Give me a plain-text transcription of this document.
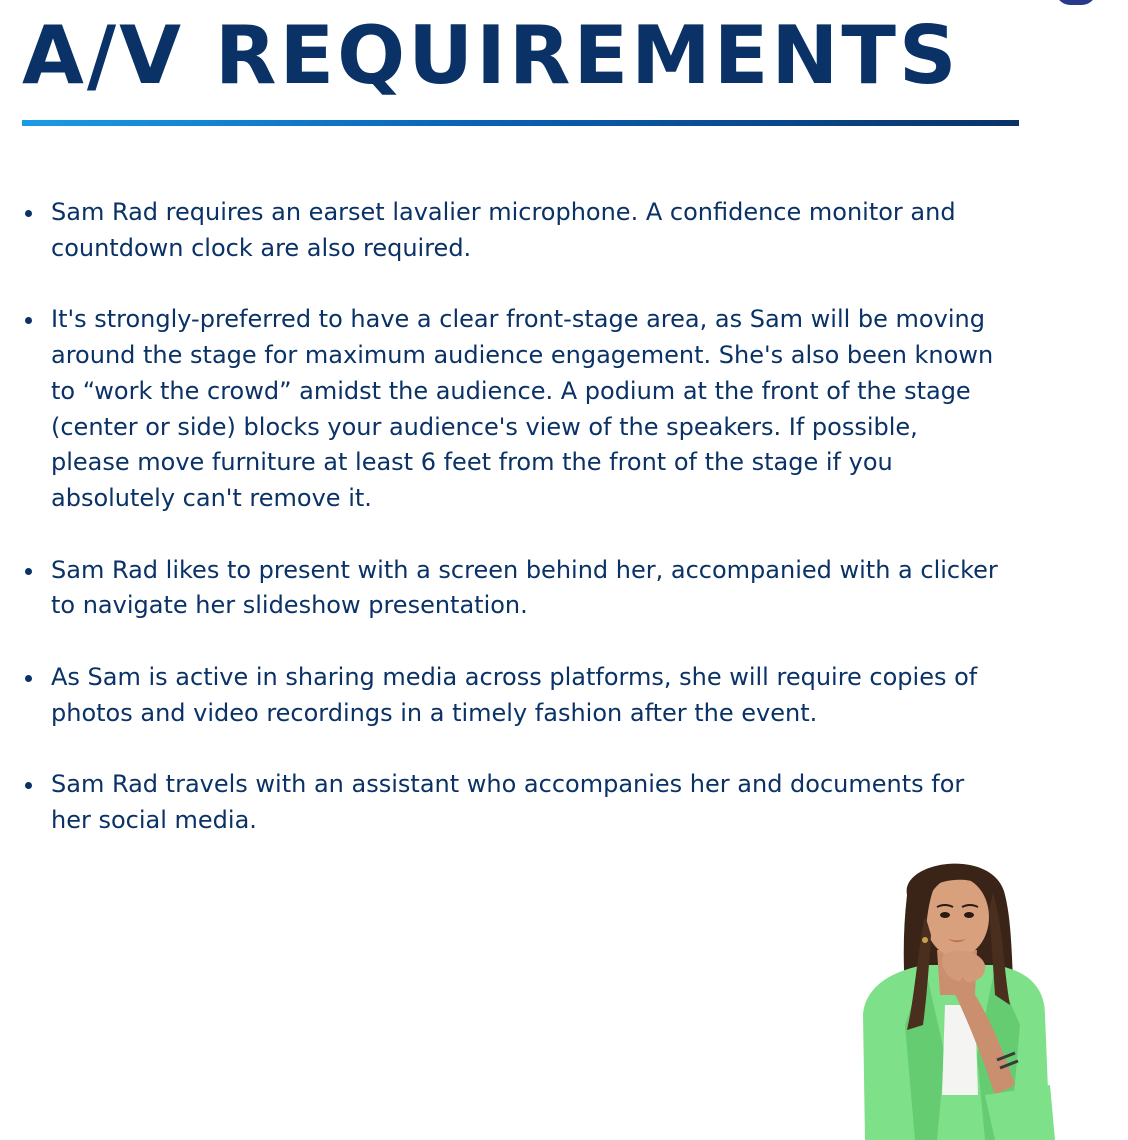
A/V REQUIREMENTS
Sam Rad requires an earset lavalier microphone. A confidence monitor and countdown clock are also required.
It's strongly-preferred to have a clear front-stage area, as Sam will be moving around the stage for maximum audience engagement. She's also been known to “work the crowd” amidst the audience. A podium at the front of the stage (center or side) blocks your audience's view of the speakers. If possible, please move furniture at least 6 feet from the front of the stage if you absolutely can't remove it.
Sam Rad likes to present with a screen behind her, accompanied with a clicker to navigate her slideshow presentation.
As Sam is active in sharing media across platforms, she will require copies of photos and video recordings in a timely fashion after the event.
Sam Rad travels with an assistant who accompanies her and documents for her social media.
